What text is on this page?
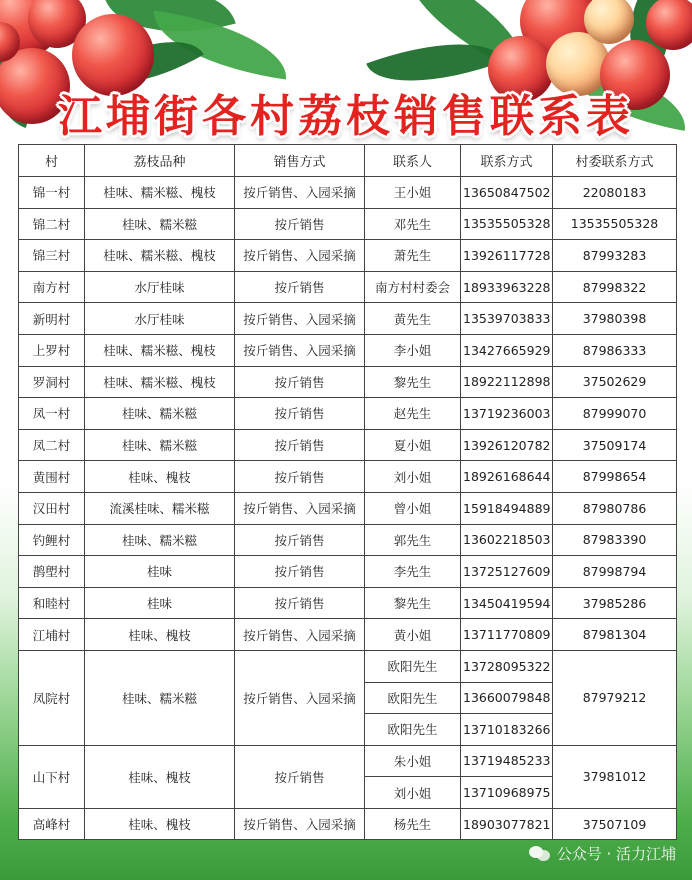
江埔街各村荔枝销售联系表
村	荔枝品种	销售方式	联系人	联系方式	村委联系方式
锦一村	桂味、糯米糍、槐枝	按斤销售、入园采摘	王小姐	13650847502	22080183
锦二村	桂味、糯米糍	按斤销售	邓先生	13535505328	13535505328
锦三村	桂味、糯米糍、槐枝	按斤销售、入园采摘	萧先生	13926117728	87993283
南方村	水厅桂味	按斤销售	南方村村委会	18933963228	87998322
新明村	水厅桂味	按斤销售、入园采摘	黄先生	13539703833	37980398
上罗村	桂味、糯米糍、槐枝	按斤销售、入园采摘	李小姐	13427665929	87986333
罗洞村	桂味、糯米糍、槐枝	按斤销售	黎先生	18922112898	37502629
凤一村	桂味、糯米糍	按斤销售	赵先生	13719236003	87999070
凤二村	桂味、糯米糍	按斤销售	夏小姐	13926120782	37509174
黄围村	桂味、槐枝	按斤销售	刘小姐	18926168644	87998654
汉田村	流溪桂味、糯米糍	按斤销售、入园采摘	曾小姐	15918494889	87980786
钓鲤村	桂味、糯米糍	按斤销售	郭先生	13602218503	87983390
鹊塱村	桂味	按斤销售	李先生	13725127609	87998794
和睦村	桂味	按斤销售	黎先生	13450419594	37985286
江埔村	桂味、槐枝	按斤销售、入园采摘	黄小姐	13711770809	87981304
凤院村	桂味、糯米糍	按斤销售、入园采摘	欧阳先生	13728095322	87979212
			欧阳先生	13660079848	
			欧阳先生	13710183266	
山下村	桂味、槐枝	按斤销售	朱小姐	13719485233	37981012
			刘小姐	13710968975	
高峰村	桂味、槐枝	按斤销售、入园采摘	杨先生	18903077821	37507109
公众号 · 活力江埔
